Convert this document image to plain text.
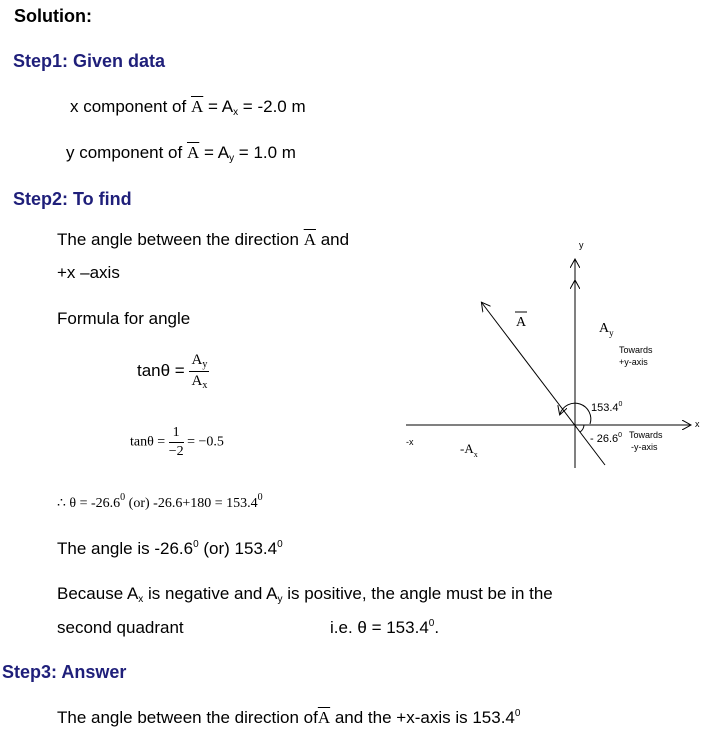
Solution:
Step1: Given data
x component of $\overline{A} = A_x = -2.0$ m
y component of $\overline{A} = A_y = 1.0$ m
Step2: To find
The angle between the direction $\overline{A}$ and
+x –axis
Formula for angle
$\tan\theta = \frac{A_y}{A_x}$
$\tan\theta = \frac{1}{-2} = -0.5$
∴ $\theta = -26.6^0$ (or) $-26.6+180 = 153.4^0$
The angle is -26.6$^0$ (or) 153.4$^0$
Because $A_x$ is negative and $A_y$ is positive, the angle must be in the
second quadrant	i.e. $\theta = 153.4^0$.
y
x
-x
A	$A_y$
$-A_x$
Towards
+y-axis
153.4$^0$
- 26.6$^0$ Towards
-y-axis
Step3: Answer
The angle between the direction $of\overline{A}$ and the +x-axis is 153.4$^0$
